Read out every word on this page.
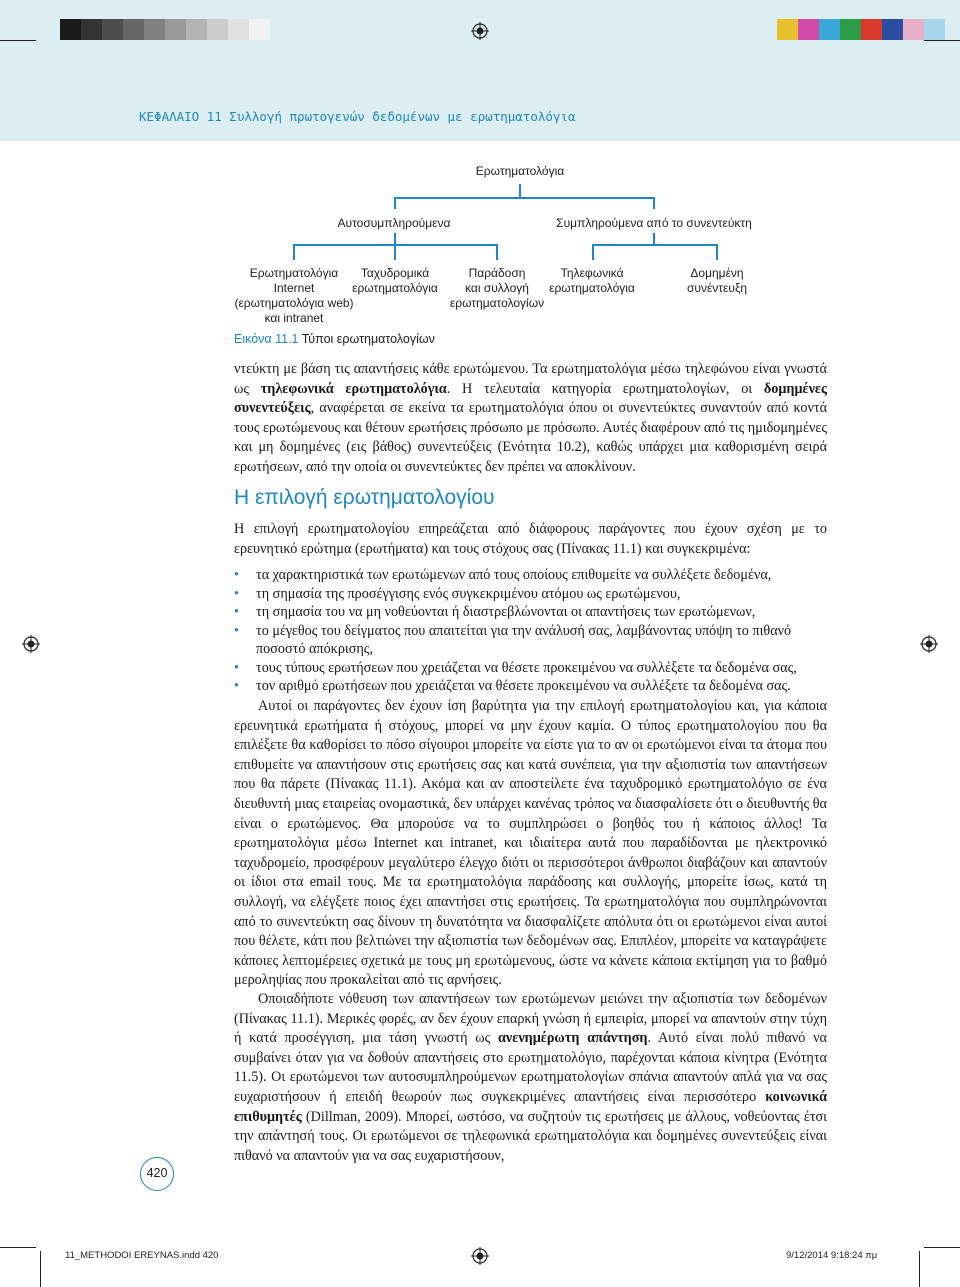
ΚΕΦΑΛΑΙΟ 11 Συλλογή πρωτογενών δεδομένων με ερωτηματολόγια
Ερωτηματολόγια
Αυτοσυμπληρούμενα	Συμπληρούμενα από το συνεντεύκτη
Ερωτηματολόγια
Internet
(ερωτηματολόγια web)
και intranet
Ταχυδρομικά
ερωτηματολόγια
Παράδοση
και συλλογή
ερωτηματολογίων
Τηλεφωνικά
ερωτηματολόγια
Δομημένη
συνέντευξη
Εικόνα 11.1 Τύποι ερωτηματολογίων

ντεύκτη με βάση τις απαντήσεις κάθε ερωτώμενου. Τα ερωτηματολόγια μέσω τηλεφώνου είναι γνωστά ως τηλεφωνικά ερωτηματολόγια. Η τελευταία κατηγορία ερωτηματολογίων, οι δομημένες συνεντεύξεις, αναφέρεται σε εκείνα τα ερωτηματολόγια όπου οι συνεντεύκτες συναντούν από κοντά τους ερωτώμενους και θέτουν ερωτήσεις πρόσωπο με πρόσωπο. Αυτές διαφέρουν από τις ημιδομημένες και μη δομημένες (εις βάθος) συνεντεύξεις (Ενότητα 10.2), καθώς υπάρχει μια καθορισμένη σειρά ερωτήσεων, από την οποία οι συνεντεύκτες δεν πρέπει να αποκλίνουν.

Η επιλογή ερωτηματολογίου

Η επιλογή ερωτηματολογίου επηρεάζεται από διάφορους παράγοντες που έχουν σχέση με το ερευνητικό ερώτημα (ερωτήματα) και τους στόχους σας (Πίνακας 11.1) και συγκεκριμένα:

• τα χαρακτηριστικά των ερωτώμενων από τους οποίους επιθυμείτε να συλλέξετε δεδομένα,
• τη σημασία της προσέγγισης ενός συγκεκριμένου ατόμου ως ερωτώμενου,
• τη σημασία του να μη νοθεύονται ή διαστρεβλώνονται οι απαντήσεις των ερωτώμενων,
• το μέγεθος του δείγματος που απαιτείται για την ανάλυσή σας, λαμβάνοντας υπόψη το πιθανό ποσοστό απόκρισης,
• τους τύπους ερωτήσεων που χρειάζεται να θέσετε προκειμένου να συλλέξετε τα δεδομένα σας,
• τον αριθμό ερωτήσεων που χρειάζεται να θέσετε προκειμένου να συλλέξετε τα δεδομένα σας.

Αυτοί οι παράγοντες δεν έχουν ίση βαρύτητα για την επιλογή ερωτηματολογίου και, για κάποια ερευνητικά ερωτήματα ή στόχους, μπορεί να μην έχουν καμία. Ο τύπος ερωτηματολογίου που θα επιλέξετε θα καθορίσει το πόσο σίγουροι μπορείτε να είστε για το αν οι ερωτώμενοι είναι τα άτομα που επιθυμείτε να απαντήσουν στις ερωτήσεις σας και κατά συνέπεια, για την αξιοπιστία των απαντήσεων που θα πάρετε (Πίνακας 11.1). Ακόμα και αν αποστείλετε ένα ταχυδρομικό ερωτηματολόγιο σε ένα διευθυντή μιας εταιρείας ονομαστικά, δεν υπάρχει κανένας τρόπος να διασφαλίσετε ότι ο διευθυντής θα είναι ο ερωτώμενος. Θα μπορούσε να το συμπληρώσει ο βοηθός του ή κάποιος άλλος! Τα ερωτηματολόγια μέσω Internet και intranet, και ιδιαίτερα αυτά που παραδίδονται με ηλεκτρονικό ταχυδρομείο, προσφέρουν μεγαλύτερο έλεγχο διότι οι περισσότεροι άνθρωποι διαβάζουν και απαντούν οι ίδιοι στα email τους. Με τα ερωτηματολόγια παράδοσης και συλλογής, μπορείτε ίσως, κατά τη συλλογή, να ελέγξετε ποιος έχει απαντήσει στις ερωτήσεις. Τα ερωτηματολόγια που συμπληρώνονται από το συνεντεύκτη σας δίνουν τη δυνατότητα να διασφαλίζετε απόλυτα ότι οι ερωτώμενοι είναι αυτοί που θέλετε, κάτι που βελτιώνει την αξιοπιστία των δεδομένων σας. Επιπλέον, μπορείτε να καταγράψετε κάποιες λεπτομέρειες σχετικά με τους μη ερωτώμενους, ώστε να κάνετε κάποια εκτίμηση για το βαθμό μεροληψίας που προκαλείται από τις αρνήσεις.

Οποιαδήποτε νόθευση των απαντήσεων των ερωτώμενων μειώνει την αξιοπιστία των δεδομένων (Πίνακας 11.1). Μερικές φορές, αν δεν έχουν επαρκή γνώση ή εμπειρία, μπορεί να απαντούν στην τύχη ή κατά προσέγγιση, μια τάση γνωστή ως ανενημέρωτη απάντηση. Αυτό είναι πολύ πιθανό να συμβαίνει όταν για να δοθούν απαντήσεις στο ερωτηματολόγιο, παρέχονται κάποια κίνητρα (Ενότητα 11.5). Οι ερωτώμενοι των αυτοσυμπληρούμενων ερωτηματολογίων σπάνια απαντούν απλά για να σας ευχαριστήσουν ή επειδή θεωρούν πως συγκεκριμένες απαντήσεις είναι περισσότερο κοινωνικά επιθυμητές (Dillman, 2009). Μπορεί, ωστόσο, να συζητούν τις ερωτήσεις με άλλους, νοθεύοντας έτσι την απάντησή τους. Οι ερωτώμενοι σε τηλεφωνικά ερωτηματολόγια και δομημένες συνεντεύξεις είναι πιθανό να απαντούν για να σας ευχαριστήσουν,

420
11_METHODOI EREYNAS.indd 420	9/12/2014 9:18:24 πμ
